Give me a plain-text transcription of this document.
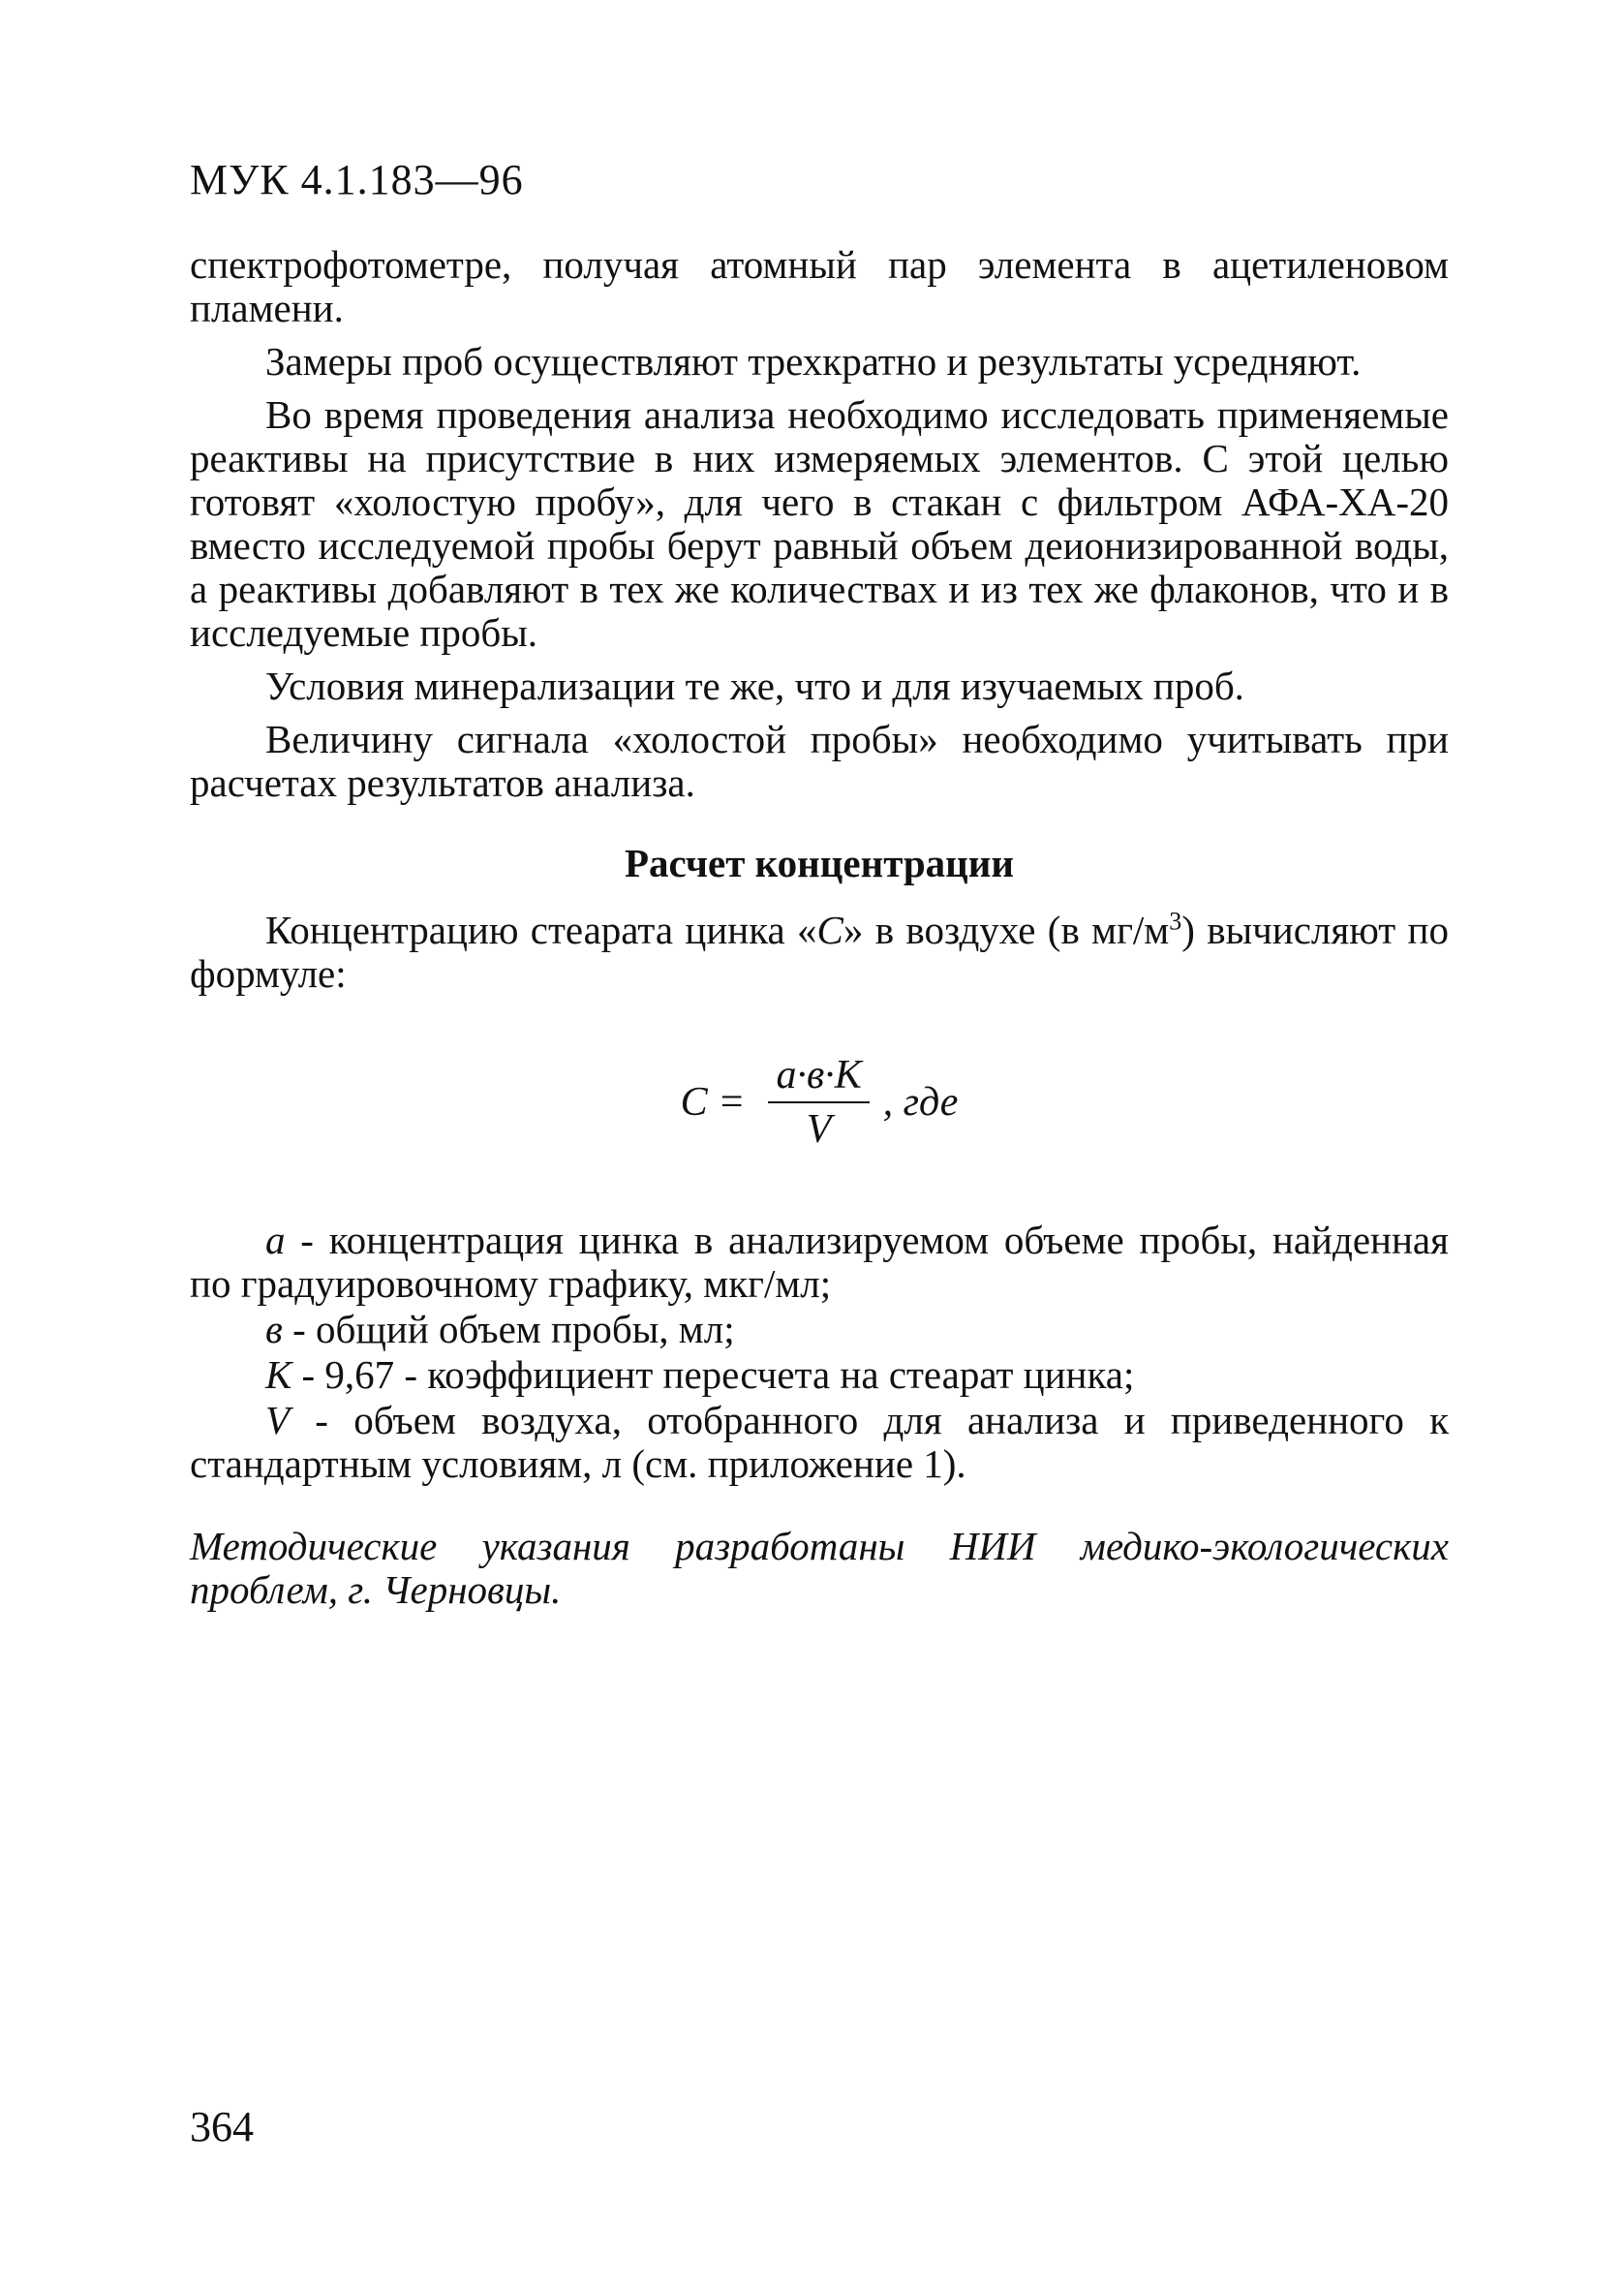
МУК 4.1.183—96

спектрофотометре, получая атомный пар элемента в ацетиленовом пламени.

Замеры проб осуществляют трехкратно и результаты усредняют.

Во время проведения анализа необходимо исследовать применяемые реактивы на присутствие в них измеряемых элементов. С этой целью готовят «холостую пробу», для чего в стакан с фильтром АФА-ХА-20 вместо исследуемой пробы берут равный объем деионизированной воды, а реактивы добавляют в тех же количествах и из тех же флаконов, что и в исследуемые пробы.

Условия минерализации те же, что и для изучаемых проб.

Величину сигнала «холостой пробы» необходимо учитывать при расчетах результатов анализа.

Расчет концентрации

Концентрацию стеарата цинка «С» в воздухе (в $мг/м^3$) вычисляют по формуле:

$С = \frac{а\cdot в\cdot К}{V}$ , где

а - концентрация цинка в анализируемом объеме пробы, найденная по градуировочному графику, мкг/мл;

в - общий объем пробы, мл;

К - 9,67 - коэффициент пересчета на стеарат цинка;

V - объем воздуха, отобранного для анализа и приведенного к стандартным условиям, л (см. приложение 1).

Методические указания разработаны НИИ медико-экологических проблем, г. Черновцы.

364
